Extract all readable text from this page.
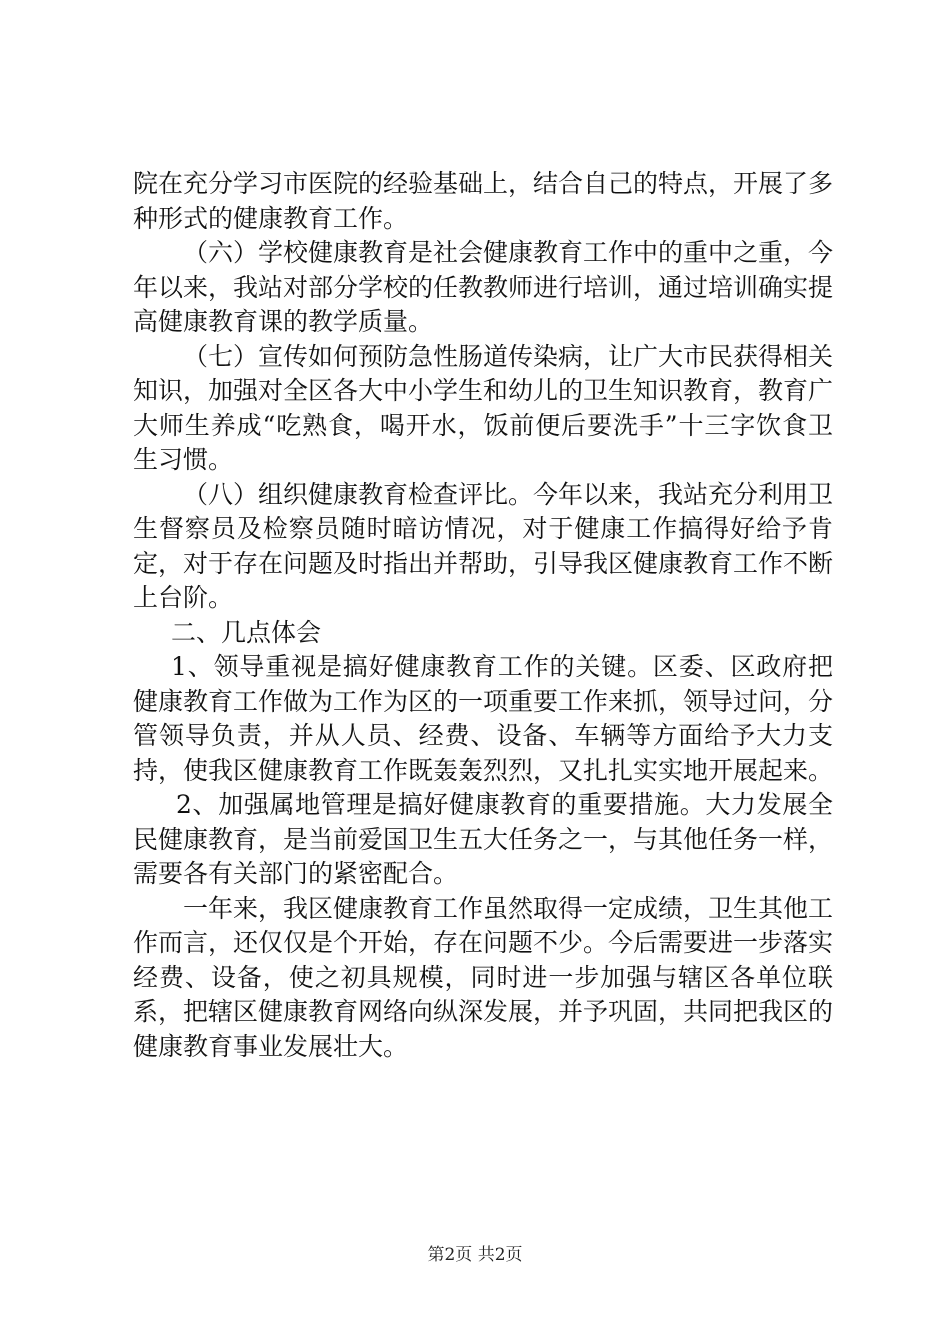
院在充分学习市医院的经验基础上，结合自己的特点，开展了多种形式的健康教育工作。

（六）学校健康教育是社会健康教育工作中的重中之重，今年以来，我站对部分学校的任教教师进行培训，通过培训确实提高健康教育课的教学质量。

（七）宣传如何预防急性肠道传染病，让广大市民获得相关知识，加强对全区各大中小学生和幼儿的卫生知识教育，教育广大师生养成“吃熟食，喝开水，饭前便后要洗手”十三字饮食卫生习惯。

（八）组织健康教育检查评比。今年以来，我站充分利用卫生督察员及检察员随时暗访情况，对于健康工作搞得好给予肯定，对于存在问题及时指出并帮助，引导我区健康教育工作不断上台阶。

二、几点体会

1、领导重视是搞好健康教育工作的关键。区委、区政府把健康教育工作做为工作为区的一项重要工作来抓，领导过问，分管领导负责，并从人员、经费、设备、车辆等方面给予大力支持，使我区健康教育工作既轰轰烈烈，又扎扎实实地开展起来。

2、加强属地管理是搞好健康教育的重要措施。大力发展全民健康教育，是当前爱国卫生五大任务之一，与其他任务一样，需要各有关部门的紧密配合。

一年来，我区健康教育工作虽然取得一定成绩，卫生其他工作而言，还仅仅是个开始，存在问题不少。今后需要进一步落实经费、设备，使之初具规模，同时进一步加强与辖区各单位联系，把辖区健康教育网络向纵深发展，并予巩固，共同把我区的健康教育事业发展壮大。

第2页 共2页
